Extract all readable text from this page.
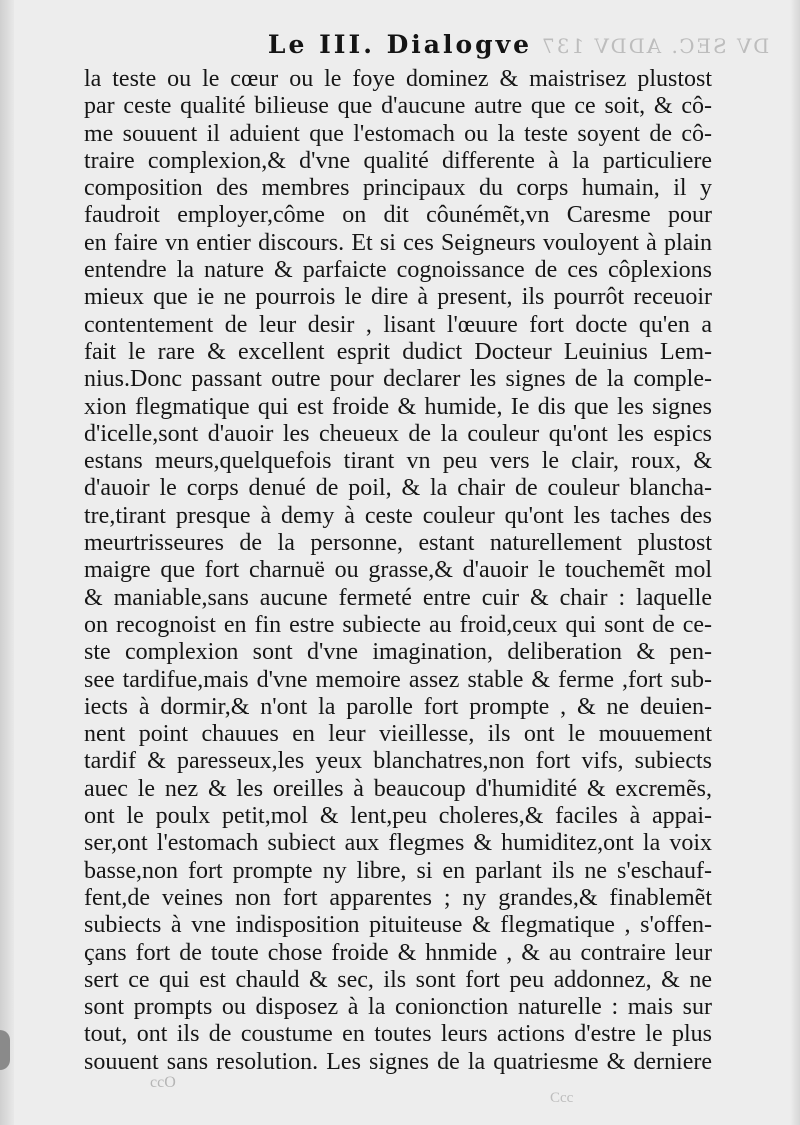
DV SEC. ADDV 137
Le III. Dialogve
la teste ou le cœur ou le foye dominez & maistrisez plustost
par ceste qualité bilieuse que d'aucune autre que ce soit, & cô-
me souuent il aduient que l'estomach ou la teste soyent de cô-
traire complexion,& d'vne qualité differente à la particuliere
composition des membres principaux du corps humain, il y
faudroit employer,côme on dit côunémẽt,vn Caresme pour
en faire vn entier discours. Et si ces Seigneurs vouloyent à plain
entendre la nature & parfaicte cognoissance de ces côplexions
mieux que ie ne pourrois le dire à present, ils pourrôt receuoir
contentement de leur desir , lisant l'œuure fort docte qu'en a
fait le rare & excellent esprit dudict Docteur Leuinius Lem-
nius.Donc passant outre pour declarer les signes de la comple-
xion flegmatique qui est froide & humide, Ie dis que les signes
d'icelle,sont d'auoir les cheueux de la couleur qu'ont les espics
estans meurs,quelquefois tirant vn peu vers le clair, roux, &
d'auoir le corps denué de poil, & la chair de couleur blancha-
tre,tirant presque à demy à ceste couleur qu'ont les taches des
meurtrisseures de la personne, estant naturellement plustost
maigre que fort charnuë ou grasse,& d'auoir le touchemẽt mol
& maniable,sans aucune fermeté entre cuir & chair : laquelle
on recognoist en fin estre subiecte au froid,ceux qui sont de ce-
ste complexion sont d'vne imagination, deliberation & pen-
see tardifue,mais d'vne memoire assez stable & ferme ,fort sub-
iects à dormir,& n'ont la parolle fort prompte , & ne deuien-
nent point chauues en leur vieillesse, ils ont le mouuement
tardif & paresseux,les yeux blanchatres,non fort vifs, subiects
auec le nez & les oreilles à beaucoup d'humidité & excremẽs,
ont le poulx petit,mol & lent,peu choleres,& faciles à appai-
ser,ont l'estomach subiect aux flegmes & humiditez,ont la voix
basse,non fort prompte ny libre, si en parlant ils ne s'eschauf-
fent,de veines non fort apparentes ; ny grandes,& finablemẽt
subiects à vne indisposition pituiteuse & flegmatique , s'offen-
çans fort de toute chose froide & hnmide , & au contraire leur
sert ce qui est chauld & sec, ils sont fort peu addonnez, & ne
sont prompts ou disposez à la conionction naturelle : mais sur
tout, ont ils de coustume en toutes leurs actions d'estre le plus
souuent sans resolution. Les signes de la quatriesme & derniere
ccO
Ccc
